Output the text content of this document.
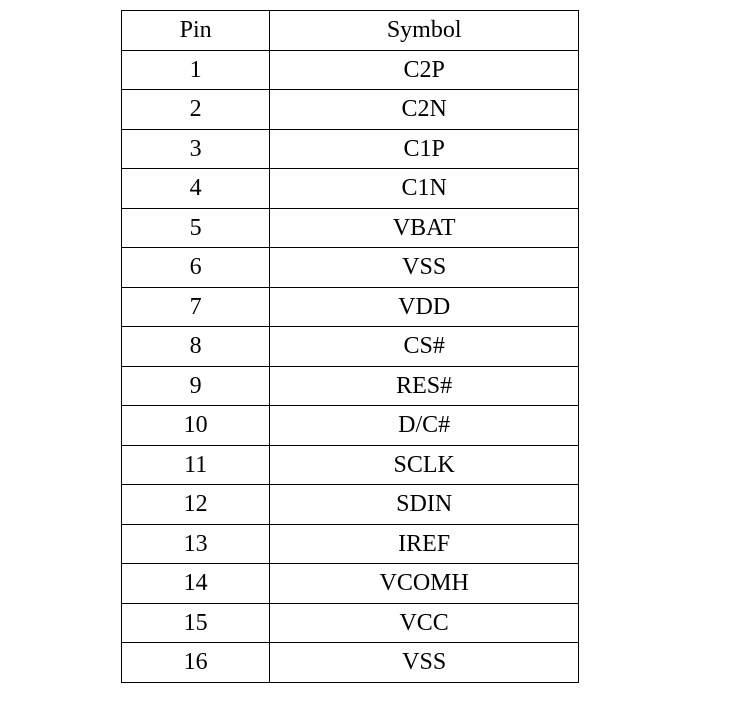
Pin	Symbol
1	C2P
2	C2N
3	C1P
4	C1N
5	VBAT
6	VSS
7	VDD
8	CS#
9	RES#
10	D/C#
11	SCLK
12	SDIN
13	IREF
14	VCOMH
15	VCC
16	VSS
